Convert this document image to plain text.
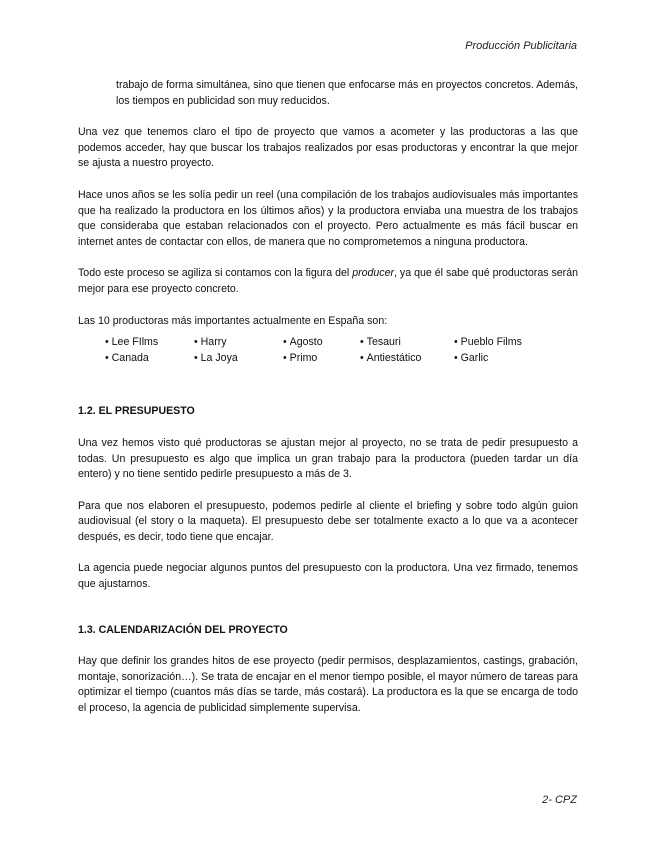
Producción Publicitaria

trabajo de forma simultánea, sino que tienen que enfocarse más en proyectos concretos. Además, los tiempos en publicidad son muy reducidos.

Una vez que tenemos claro el tipo de proyecto que vamos a acometer y las productoras a las que podemos acceder, hay que buscar los trabajos realizados por esas productoras y encontrar la que mejor se ajusta a nuestro proyecto.

Hace unos años se les solía pedir un reel (una compilación de los trabajos audiovisuales más importantes que ha realizado la productora en los últimos años) y la productora enviaba una muestra de los trabajos que consideraba que estaban relacionados con el proyecto. Pero actualmente es más fácil buscar en internet antes de contactar con ellos, de manera que no comprometemos a ninguna productora.

Todo este proceso se agiliza si contamos con la figura del producer, ya que él sabe qué productoras serán mejor para ese proyecto concreto.

Las 10 productoras más importantes actualmente en España son:

• Lee FIlms	• Harry	• Agosto	• Tesauri	• Pueblo Films
• Canada	• La Joya	• Primo	• Antiestático	• Garlic

1.2. EL PRESUPUESTO

Una vez hemos visto qué productoras se ajustan mejor al proyecto, no se trata de pedir presupuesto a todas. Un presupuesto es algo que implica un gran trabajo para la productora (pueden tardar un día entero) y no tiene sentido pedirle presupuesto a más de 3.

Para que nos elaboren el presupuesto, podemos pedirle al cliente el briefing y sobre todo algún guion audiovisual (el story o la maqueta). El presupuesto debe ser totalmente exacto a lo que va a acontecer después, es decir, todo tiene que encajar.

La agencia puede negociar algunos puntos del presupuesto con la productora. Una vez firmado, tenemos que ajustarnos.

1.3. CALENDARIZACIÓN DEL PROYECTO

Hay que definir los grandes hitos de ese proyecto (pedir permisos, desplazamientos, castings, grabación, montaje, sonorización…). Se trata de encajar en el menor tiempo posible, el mayor número de tareas para optimizar el tiempo (cuantos más días se tarde, más costará). La productora es la que se encarga de todo el proceso, la agencia de publicidad simplemente supervisa.

2- CPZ
